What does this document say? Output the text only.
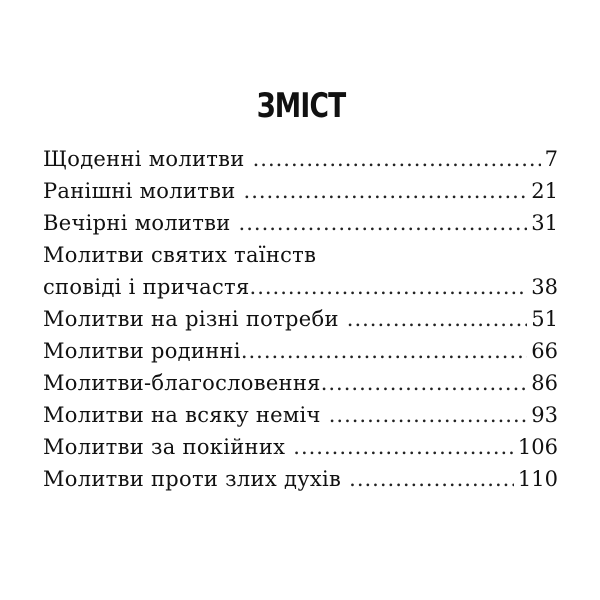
ЗМІСТ
Щоденні молитви .....	7
Ранішні молитви .....	21
Вечірні молитви .....	31
Молитви святих таїнств
сповіді і причастя .....	38
Молитви на різні потреби .....	51
Молитви родинні .....	66
Молитви-благословення .....	86
Молитви на всяку неміч .....	93
Молитви за покійних .....	106
Молитви проти злих духів .....	110
